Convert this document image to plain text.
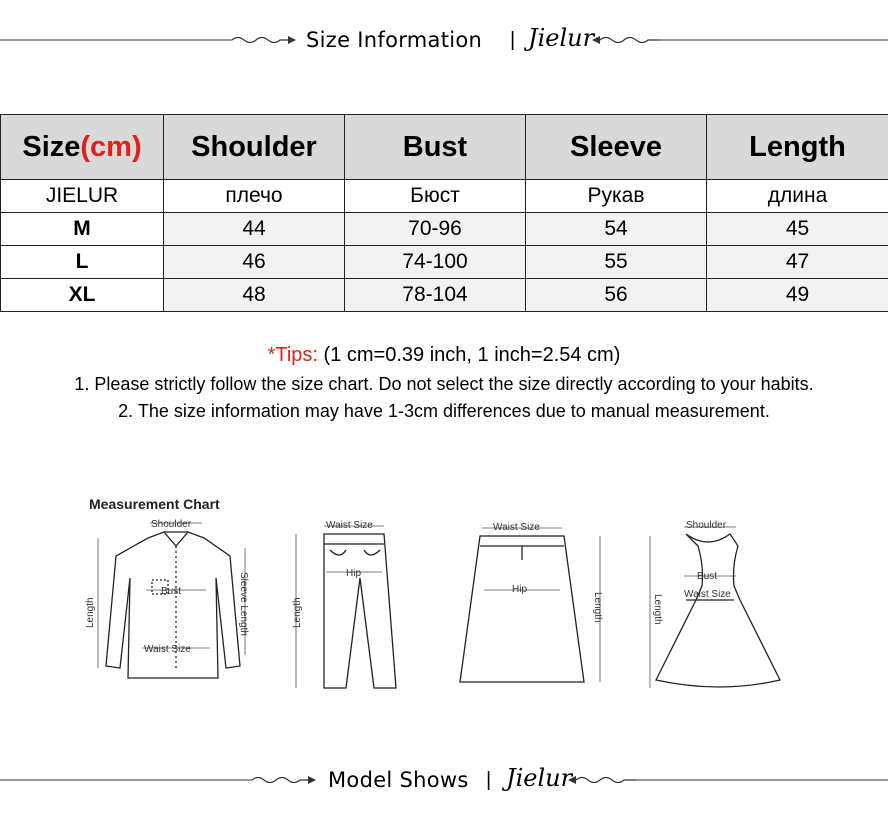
Size Information | Jielur
Size(cm)	Shoulder	Bust	Sleeve	Length
JIELUR	плечо	Бюст	Рукав	длина
M	44	70-96	54	45
L	46	74-100	55	47
XL	48	78-104	56	49
*Tips: (1 cm=0.39 inch, 1 inch=2.54 cm)
1. Please strictly follow the size chart. Do not select the size directly according to your habits.
2. The size information may have 1-3cm differences due to manual measurement.
Measurement Chart
Shoulder
Bust
Waist Size
Length	Sleeve Length
Waist Size
Hip
Length
Waist Size
Hip
Length
Shoulder
Bust
Waist Size
Length
Model Shows | Jielur
